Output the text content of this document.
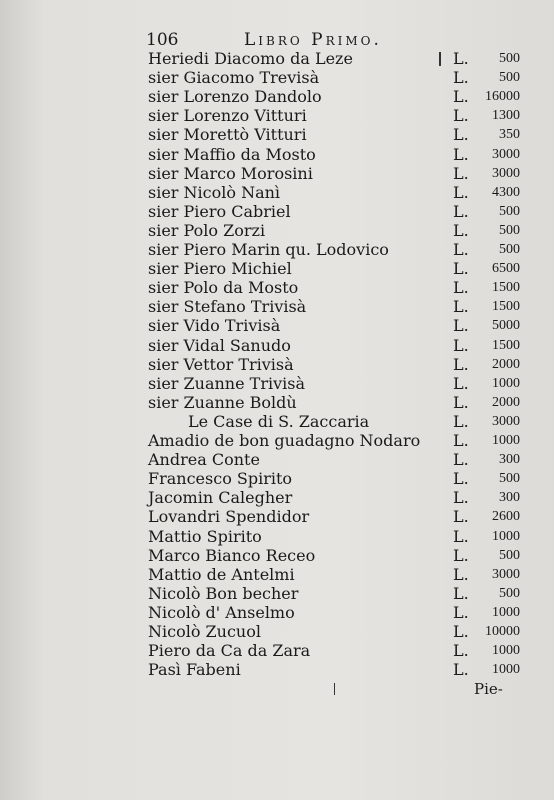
106	Libro Primo.
Heriedi Diacomo da Leze	L. 500
sier Giacomo Trevisà	L. 500
sier Lorenzo Dandolo	L. 16000
sier Lorenzo Vitturi	L. 1300
sier Morettò Vitturi	L. 350
sier Maffio da Mosto	L. 3000
sier Marco Morosini	L. 3000
sier Nicolò Nanì	L. 4300
sier Piero Cabriel	L. 500
sier Polo Zorzi	L. 500
sier Piero Marin qu. Lodovico	L. 500
sier Piero Michiel	L. 6500
sier Polo da Mosto	L. 1500
sier Stefano Trivisà	L. 1500
sier Vido Trivisà	L. 5000
sier Vidal Sanudo	L. 1500
sier Vettor Trivisà	L. 2000
sier Zuanne Trivisà	L. 1000
sier Zuanne Boldù	L. 2000
Le Case di S. Zaccaria	L. 3000
Amadio de bon guadagno Nodaro L. 1000
Andrea Conte	L. 300
Francesco Spirito	L. 500
Jacomin Calegher	L. 300
Lovandri Spendidor	L. 2600
Mattio Spirito	L. 1000
Marco Bianco Receo	L. 500
Mattio de Antelmi	L. 3000
Nicolò Bon becher	L. 500
Nicolò d' Anselmo	L. 1000
Nicolò Zucuol	L. 10000
Piero da Ca da Zara	L. 1000
Pasì Fabeni	L. 1000
Pie-
